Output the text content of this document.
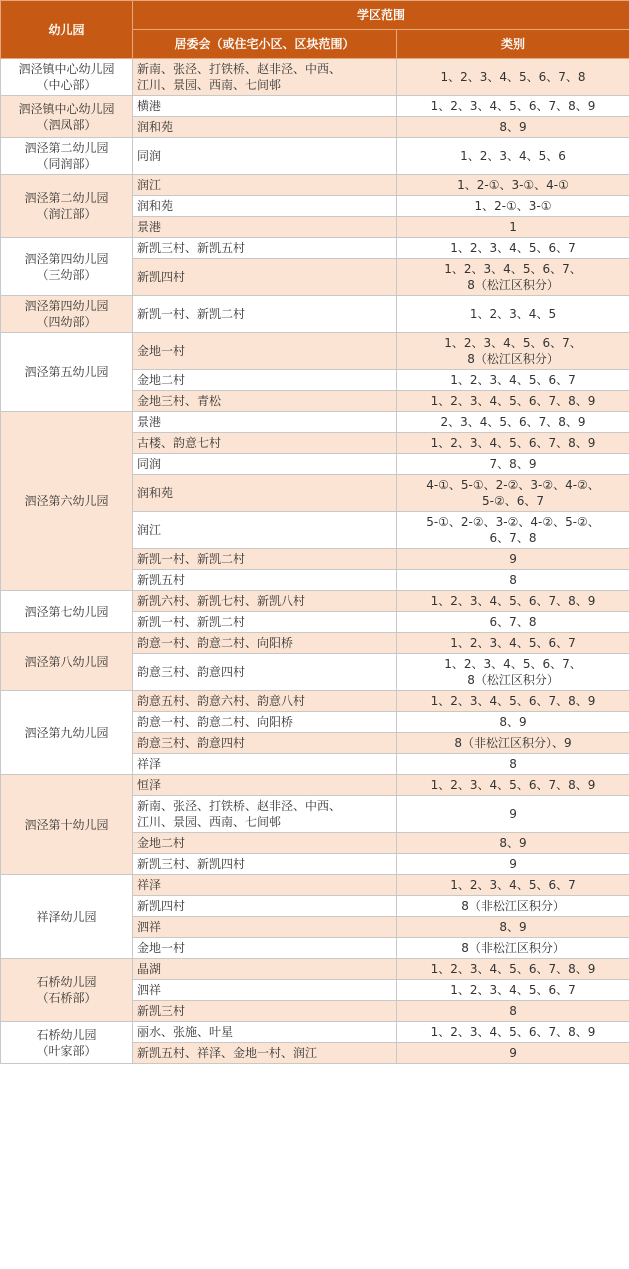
幼儿园	学区范围	
	居委会（或住宅小区、区块范围）	类别
泗泾镇中心幼儿园
（中心部）	新南、张泾、打铁桥、赵非泾、中西、
江川、景园、西南、七间邨	1、2、3、4、5、6、7、8
泗泾镇中心幼儿园
（泗凤部）	横港	1、2、3、4、5、6、7、8、9
	润和苑	8、9
泗泾第二幼儿园
（同润部）	同润	1、2、3、4、5、6
泗泾第二幼儿园
（润江部）	润江	1、2-①、3-①、4-①
	润和苑	1、2-①、3-①
	景港	1
泗泾第四幼儿园
（三幼部）	新凯三村、新凯五村	1、2、3、4、5、6、7
	新凯四村	1、2、3、4、5、6、7、
8（松江区积分）
泗泾第四幼儿园
（四幼部）	新凯一村、新凯二村	1、2、3、4、5
泗泾第五幼儿园	金地一村	1、2、3、4、5、6、7、
8（松江区积分）
	金地二村	1、2、3、4、5、6、7
	金地三村、青松	1、2、3、4、5、6、7、8、9
泗泾第六幼儿园	景港	2、3、4、5、6、7、8、9
	古楼、韵意七村	1、2、3、4、5、6、7、8、9
	同润	7、8、9
	润和苑	4-①、5-①、2-②、3-②、4-②、
5-②、6、7
	润江	5-①、2-②、3-②、4-②、5-②、
6、7、8
	新凯一村、新凯二村	9
	新凯五村	8
泗泾第七幼儿园	新凯六村、新凯七村、新凯八村	1、2、3、4、5、6、7、8、9
	新凯一村、新凯二村	6、7、8
泗泾第八幼儿园	韵意一村、韵意二村、向阳桥	1、2、3、4、5、6、7
	韵意三村、韵意四村	1、2、3、4、5、6、7、
8（松江区积分）
泗泾第九幼儿园	韵意五村、韵意六村、韵意八村	1、2、3、4、5、6、7、8、9
	韵意一村、韵意二村、向阳桥	8、9
	韵意三村、韵意四村	8（非松江区积分）、9
	祥泽	8
泗泾第十幼儿园	恒泽	1、2、3、4、5、6、7、8、9
	新南、张泾、打铁桥、赵非泾、中西、
江川、景园、西南、七间邨	9
	金地二村	8、9
	新凯三村、新凯四村	9
祥泽幼儿园	祥泽	1、2、3、4、5、6、7
	新凯四村	8（非松江区积分）
	泗祥	8、9
	金地一村	8（非松江区积分）
石桥幼儿园
（石桥部）	晶湖	1、2、3、4、5、6、7、8、9
	泗祥	1、2、3、4、5、6、7
	新凯三村	8
石桥幼儿园
（叶家部）	丽水、张施、叶星	1、2、3、4、5、6、7、8、9
	新凯五村、祥泽、金地一村、润江	9
